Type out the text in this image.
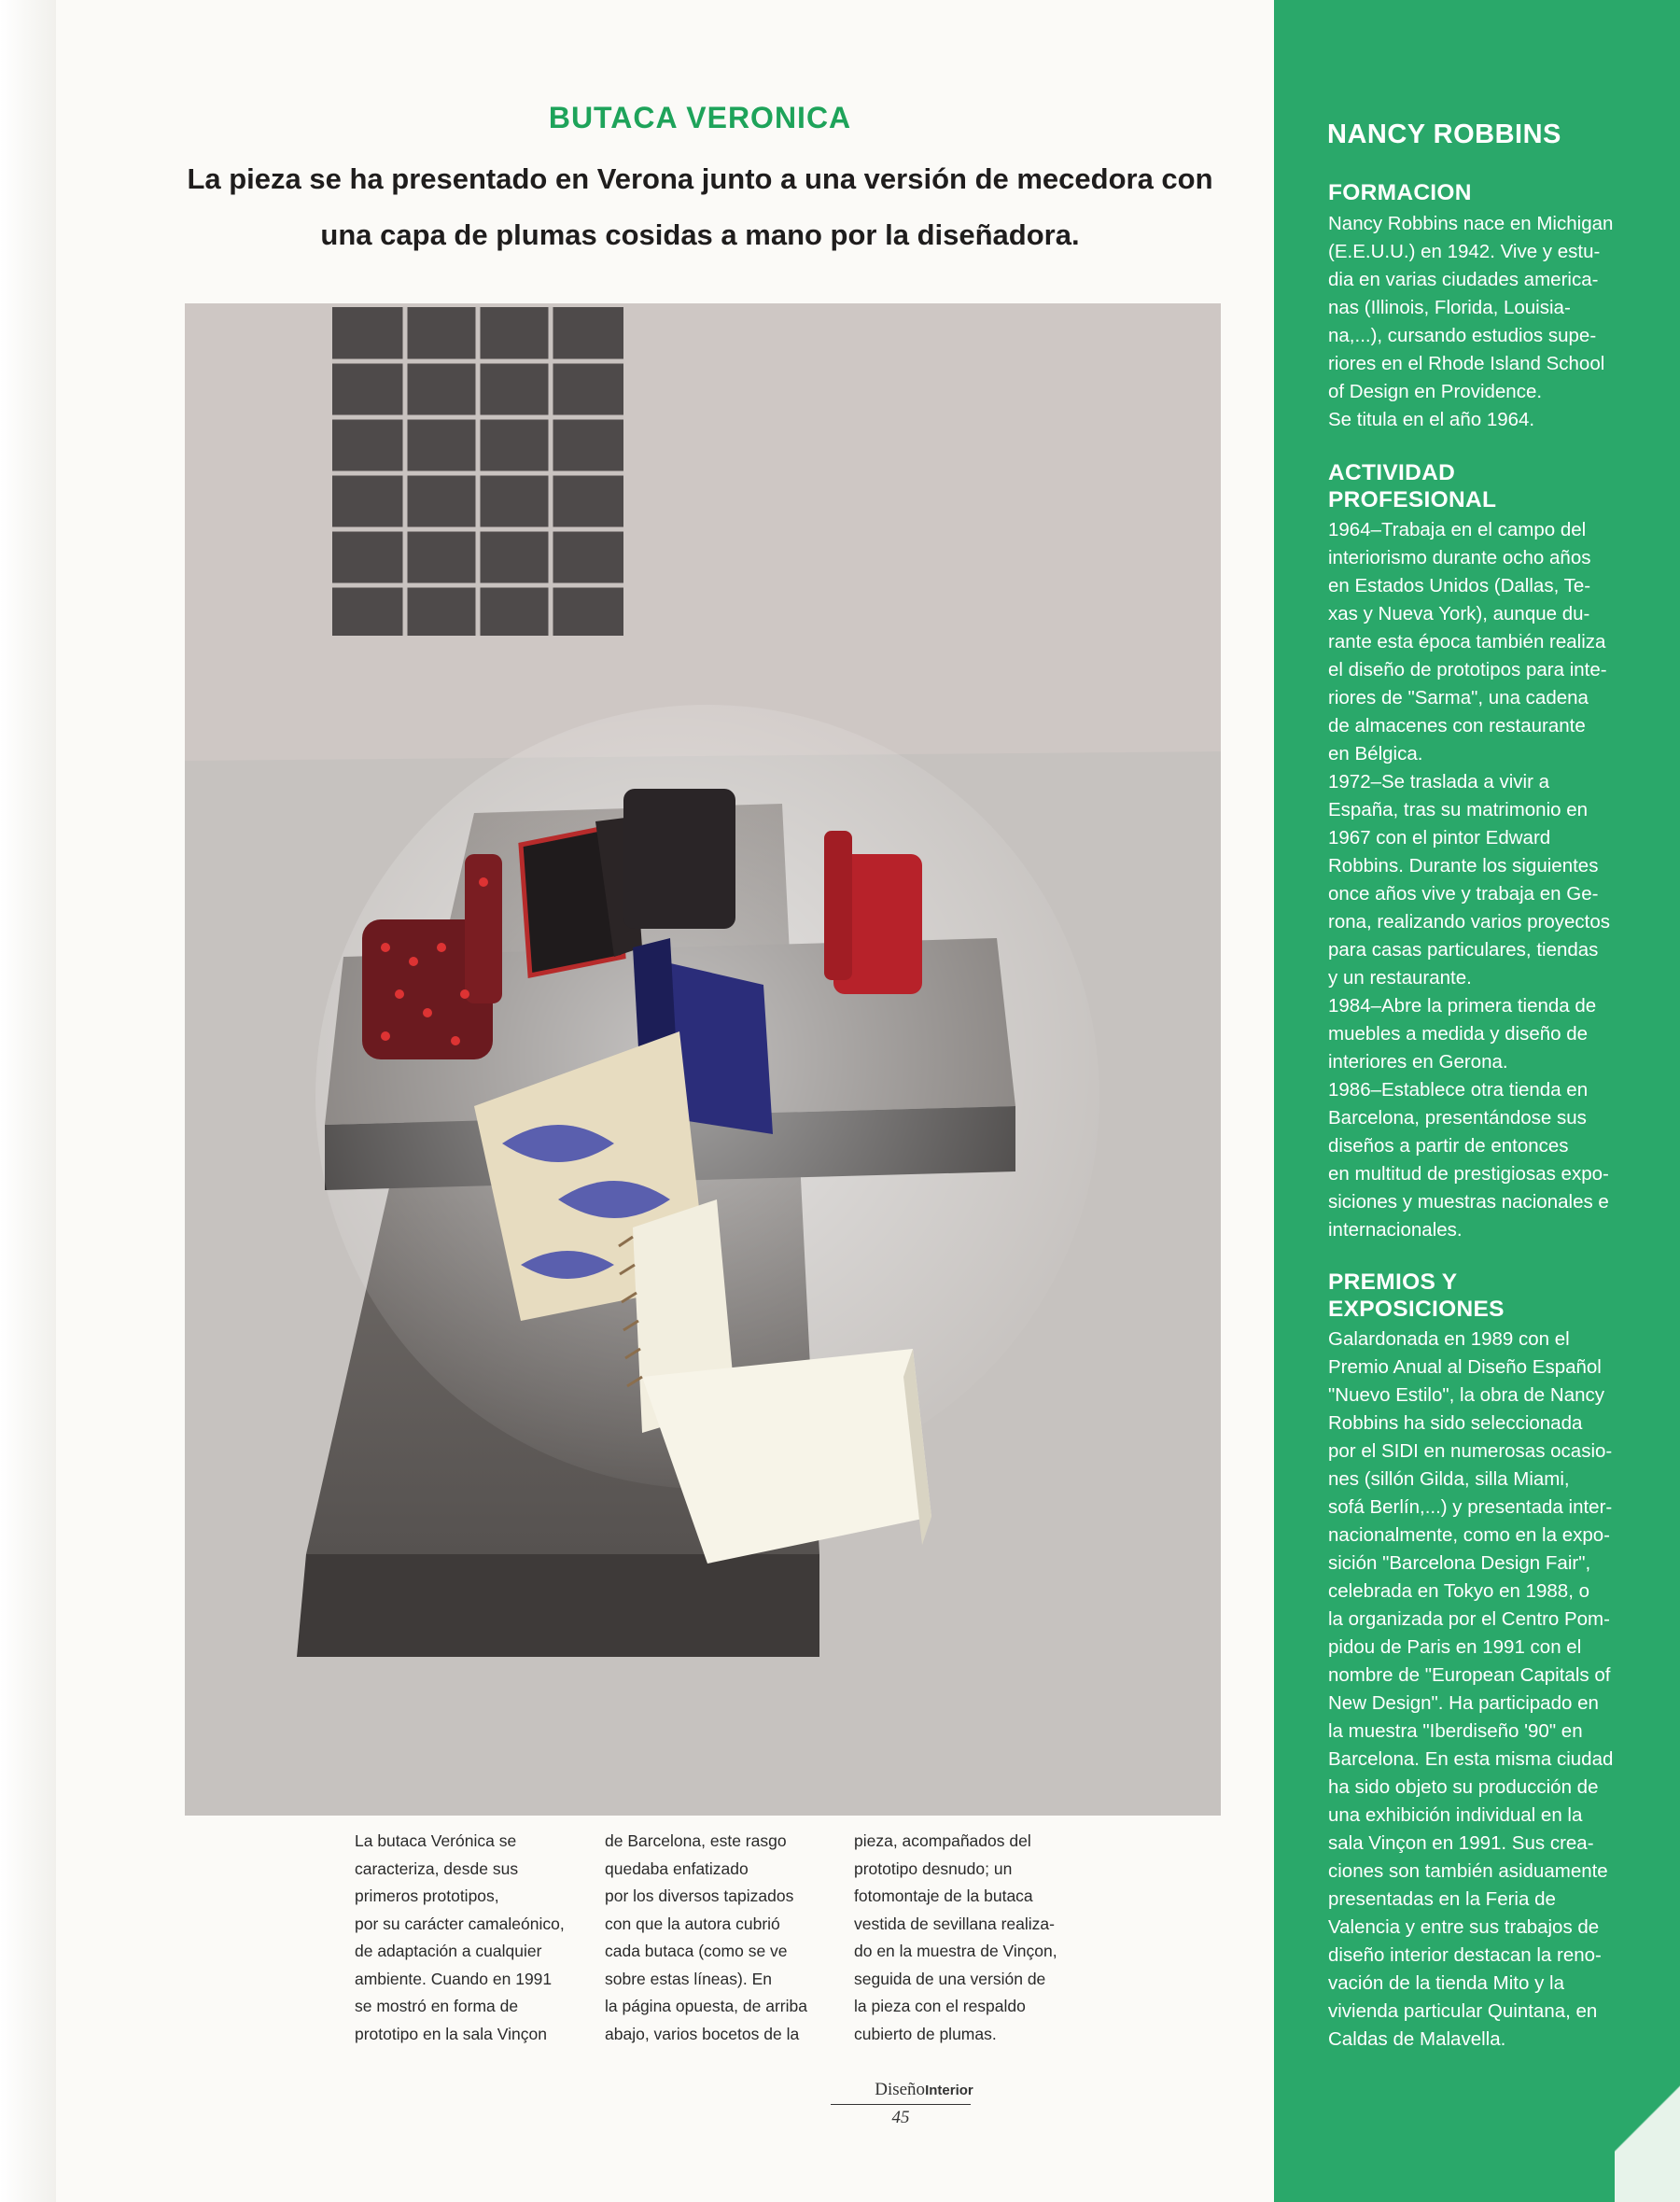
BUTACA VERONICA
La pieza se ha presentado en Verona junto a una versión de mecedora con una capa de plumas cosidas a mano por la diseñadora.
La butaca Verónica se
caracteriza, desde sus
primeros prototipos,
por su carácter camaleónico,
de adaptación a cualquier
ambiente. Cuando en 1991
se mostró en forma de
prototipo en la sala Vinçon
de Barcelona, este rasgo
quedaba enfatizado
por los diversos tapizados
con que la autora cubrió
cada butaca (como se ve
sobre estas líneas). En
la página opuesta, de arriba
abajo, varios bocetos de la
pieza, acompañados del
prototipo desnudo; un
fotomontaje de la butaca
vestida de sevillana realiza-
do en la muestra de Vinçon,
seguida de una versión de
la pieza con el respaldo
cubierto de plumas.
DiseñoInterior
45
NANCY ROBBINS
FORMACION
Nancy Robbins nace en Michigan
(E.E.U.U.) en 1942. Vive y estu-
dia en varias ciudades america-
nas (Illinois, Florida, Louisia-
na,...), cursando estudios supe-
riores en el Rhode Island School
of Design en Providence.
Se titula en el año 1964.
ACTIVIDAD
PROFESIONAL
1964–Trabaja en el campo del
interiorismo durante ocho años
en Estados Unidos (Dallas, Te-
xas y Nueva York), aunque du-
rante esta época también realiza
el diseño de prototipos para inte-
riores de "Sarma", una cadena
de almacenes con restaurante
en Bélgica.
1972–Se traslada a vivir a
España, tras su matrimonio en
1967 con el pintor Edward
Robbins. Durante los siguientes
once años vive y trabaja en Ge-
rona, realizando varios proyectos
para casas particulares, tiendas
y un restaurante.
1984–Abre la primera tienda de
muebles a medida y diseño de
interiores en Gerona.
1986–Establece otra tienda en
Barcelona, presentándose sus
diseños a partir de entonces
en multitud de prestigiosas expo-
siciones y muestras nacionales e
internacionales.
PREMIOS Y
EXPOSICIONES
Galardonada en 1989 con el
Premio Anual al Diseño Español
"Nuevo Estilo", la obra de Nancy
Robbins ha sido seleccionada
por el SIDI en numerosas ocasio-
nes (sillón Gilda, silla Miami,
sofá Berlín,...) y presentada inter-
nacionalmente, como en la expo-
sición "Barcelona Design Fair",
celebrada en Tokyo en 1988, o
la organizada por el Centro Pom-
pidou de Paris en 1991 con el
nombre de "European Capitals of
New Design". Ha participado en
la muestra "Iberdiseño '90" en
Barcelona. En esta misma ciudad
ha sido objeto su producción de
una exhibición individual en la
sala Vinçon en 1991. Sus crea-
ciones son también asiduamente
presentadas en la Feria de
Valencia y entre sus trabajos de
diseño interior destacan la reno-
vación de la tienda Mito y la
vivienda particular Quintana, en
Caldas de Malavella.
